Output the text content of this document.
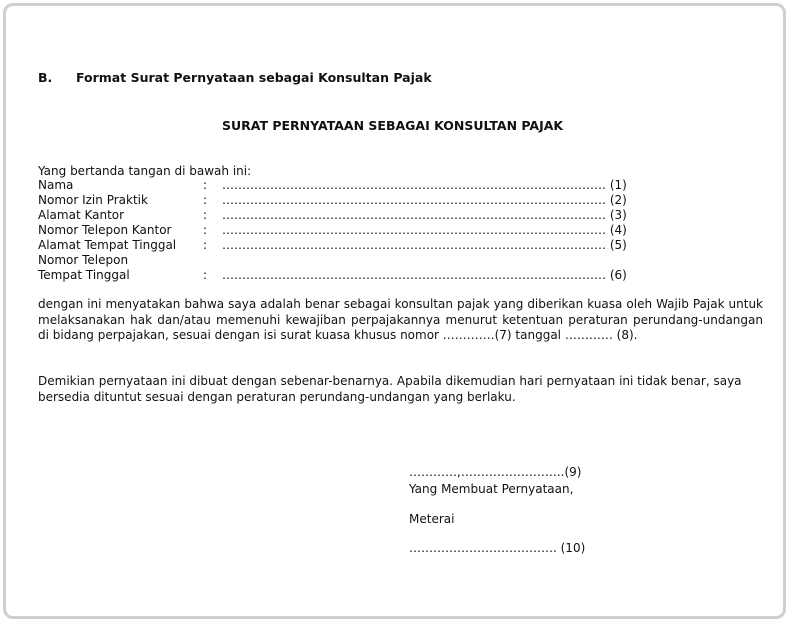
B. Format Surat Pernyataan sebagai Konsultan Pajak
SURAT PERNYATAAN SEBAGAI KONSULTAN PAJAK
Yang bertanda tangan di bawah ini:
Nama	: …………………………………………………………………………………… (1)
Nomor Izin Praktik	: …………………………………………………………………………………… (2)
Alamat Kantor	: …………………………………………………………………………………… (3)
Nomor Telepon Kantor	: …………………………………………………………………………………… (4)
Alamat Tempat Tinggal : …………………………………………………………………………………… (5)
Nomor Telepon
Tempat Tinggal	: …………………………………………………………………………………… (6)
dengan ini menyatakan bahwa saya adalah benar sebagai konsultan pajak yang diberikan kuasa oleh Wajib Pajak untuk melaksanakan hak dan/atau memenuhi kewajiban perpajakannya menurut ketentuan peraturan perundang-undangan di bidang perpajakan, sesuai dengan isi surat kuasa khusus nomor ………….(7) tanggal ………… (8).
Demikian pernyataan ini dibuat dengan sebenar-benarnya. Apabila dikemudian hari pernyataan ini tidak benar, saya bersedia dituntut sesuai dengan peraturan perundang-undangan yang berlaku.
…………,……………………..(9)
Yang Membuat Pernyataan,
Meterai
………………………………. (10)
